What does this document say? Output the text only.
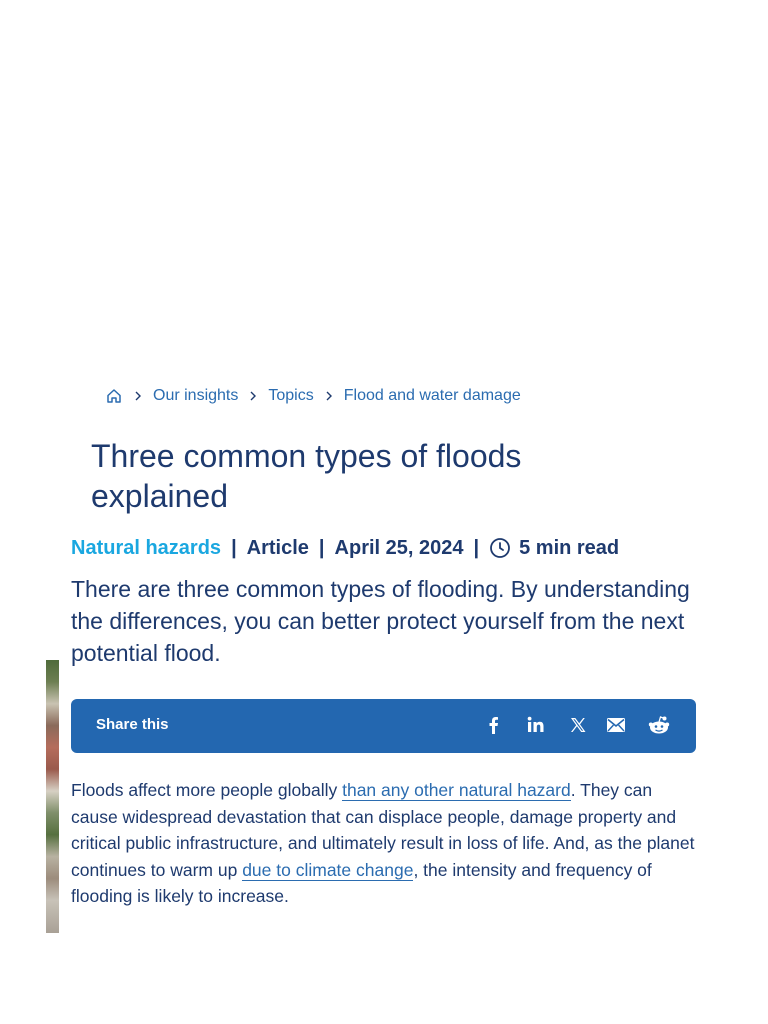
Our insights Topics Flood and water damage
Three common types of floods explained
Natural hazards | Article | April 25, 2024 | 5 min read

There are three common types of flooding. By understanding the differences, you can better protect yourself from the next potential flood.

Share this

Floods affect more people globally than any other natural hazard. They can cause widespread devastation that can displace people, damage property and critical public infrastructure, and ultimately result in loss of life. And, as the planet continues to warm up due to climate change, the intensity and frequency of flooding is likely to increase.
